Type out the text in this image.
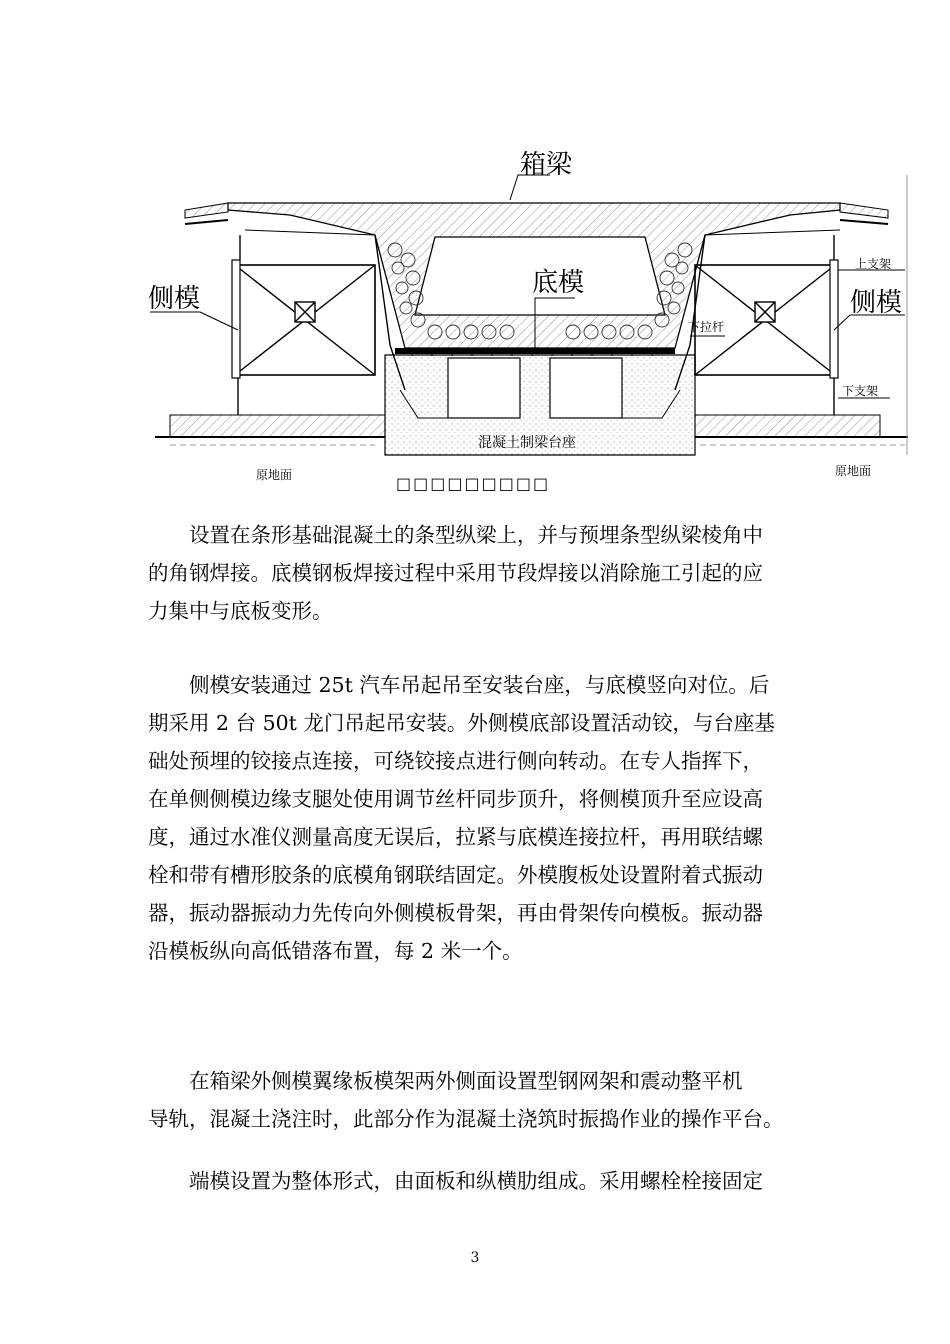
箱梁
底模
侧模	侧模
上支架
下拉杆
下支架
混凝土制梁台座
原地面	原地面
□□□□□□□□□
设置在条形基础混凝土的条型纵梁上，并与预埋条型纵梁棱角中
的角钢焊接。底模钢板焊接过程中采用节段焊接以消除施工引起的应
力集中与底板变形。
侧模安装通过 25t 汽车吊起吊至安装台座，与底模竖向对位。后
期采用 2 台 50t 龙门吊起吊安装。外侧模底部设置活动铰，与台座基
础处预埋的铰接点连接，可绕铰接点进行侧向转动。在专人指挥下，
在单侧侧模边缘支腿处使用调节丝杆同步顶升，将侧模顶升至应设高
度，通过水准仪测量高度无误后，拉紧与底模连接拉杆，再用联结螺
栓和带有槽形胶条的底模角钢联结固定。外模腹板处设置附着式振动
器，振动器振动力先传向外侧模板骨架，再由骨架传向模板。振动器
沿模板纵向高低错落布置，每 2 米一个。
在箱梁外侧模翼缘板模架两外侧面设置型钢网架和震动整平机
导轨，混凝土浇注时，此部分作为混凝土浇筑时振捣作业的操作平台。
端模设置为整体形式，由面板和纵横肋组成。采用螺栓栓接固定
3
